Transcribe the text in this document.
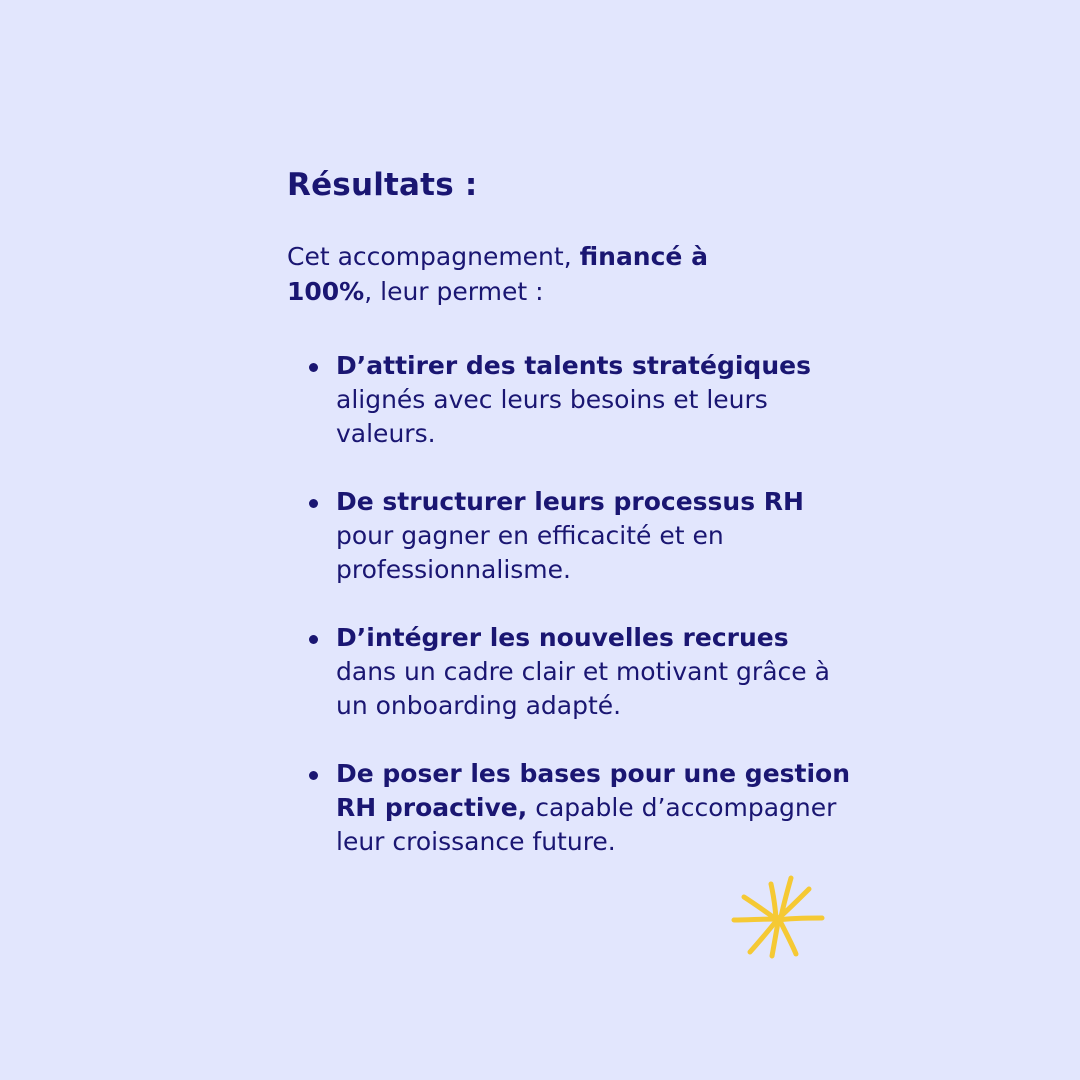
Résultats :

Cet accompagnement, financé à 100%, leur permet :

D’attirer des talents stratégiques alignés avec leurs besoins et leurs valeurs.
De structurer leurs processus RH pour gagner en efficacité et en professionnalisme.
D’intégrer les nouvelles recrues dans un cadre clair et motivant grâce à un onboarding adapté.
De poser les bases pour une gestion RH proactive, capable d’accompagner leur croissance future.
